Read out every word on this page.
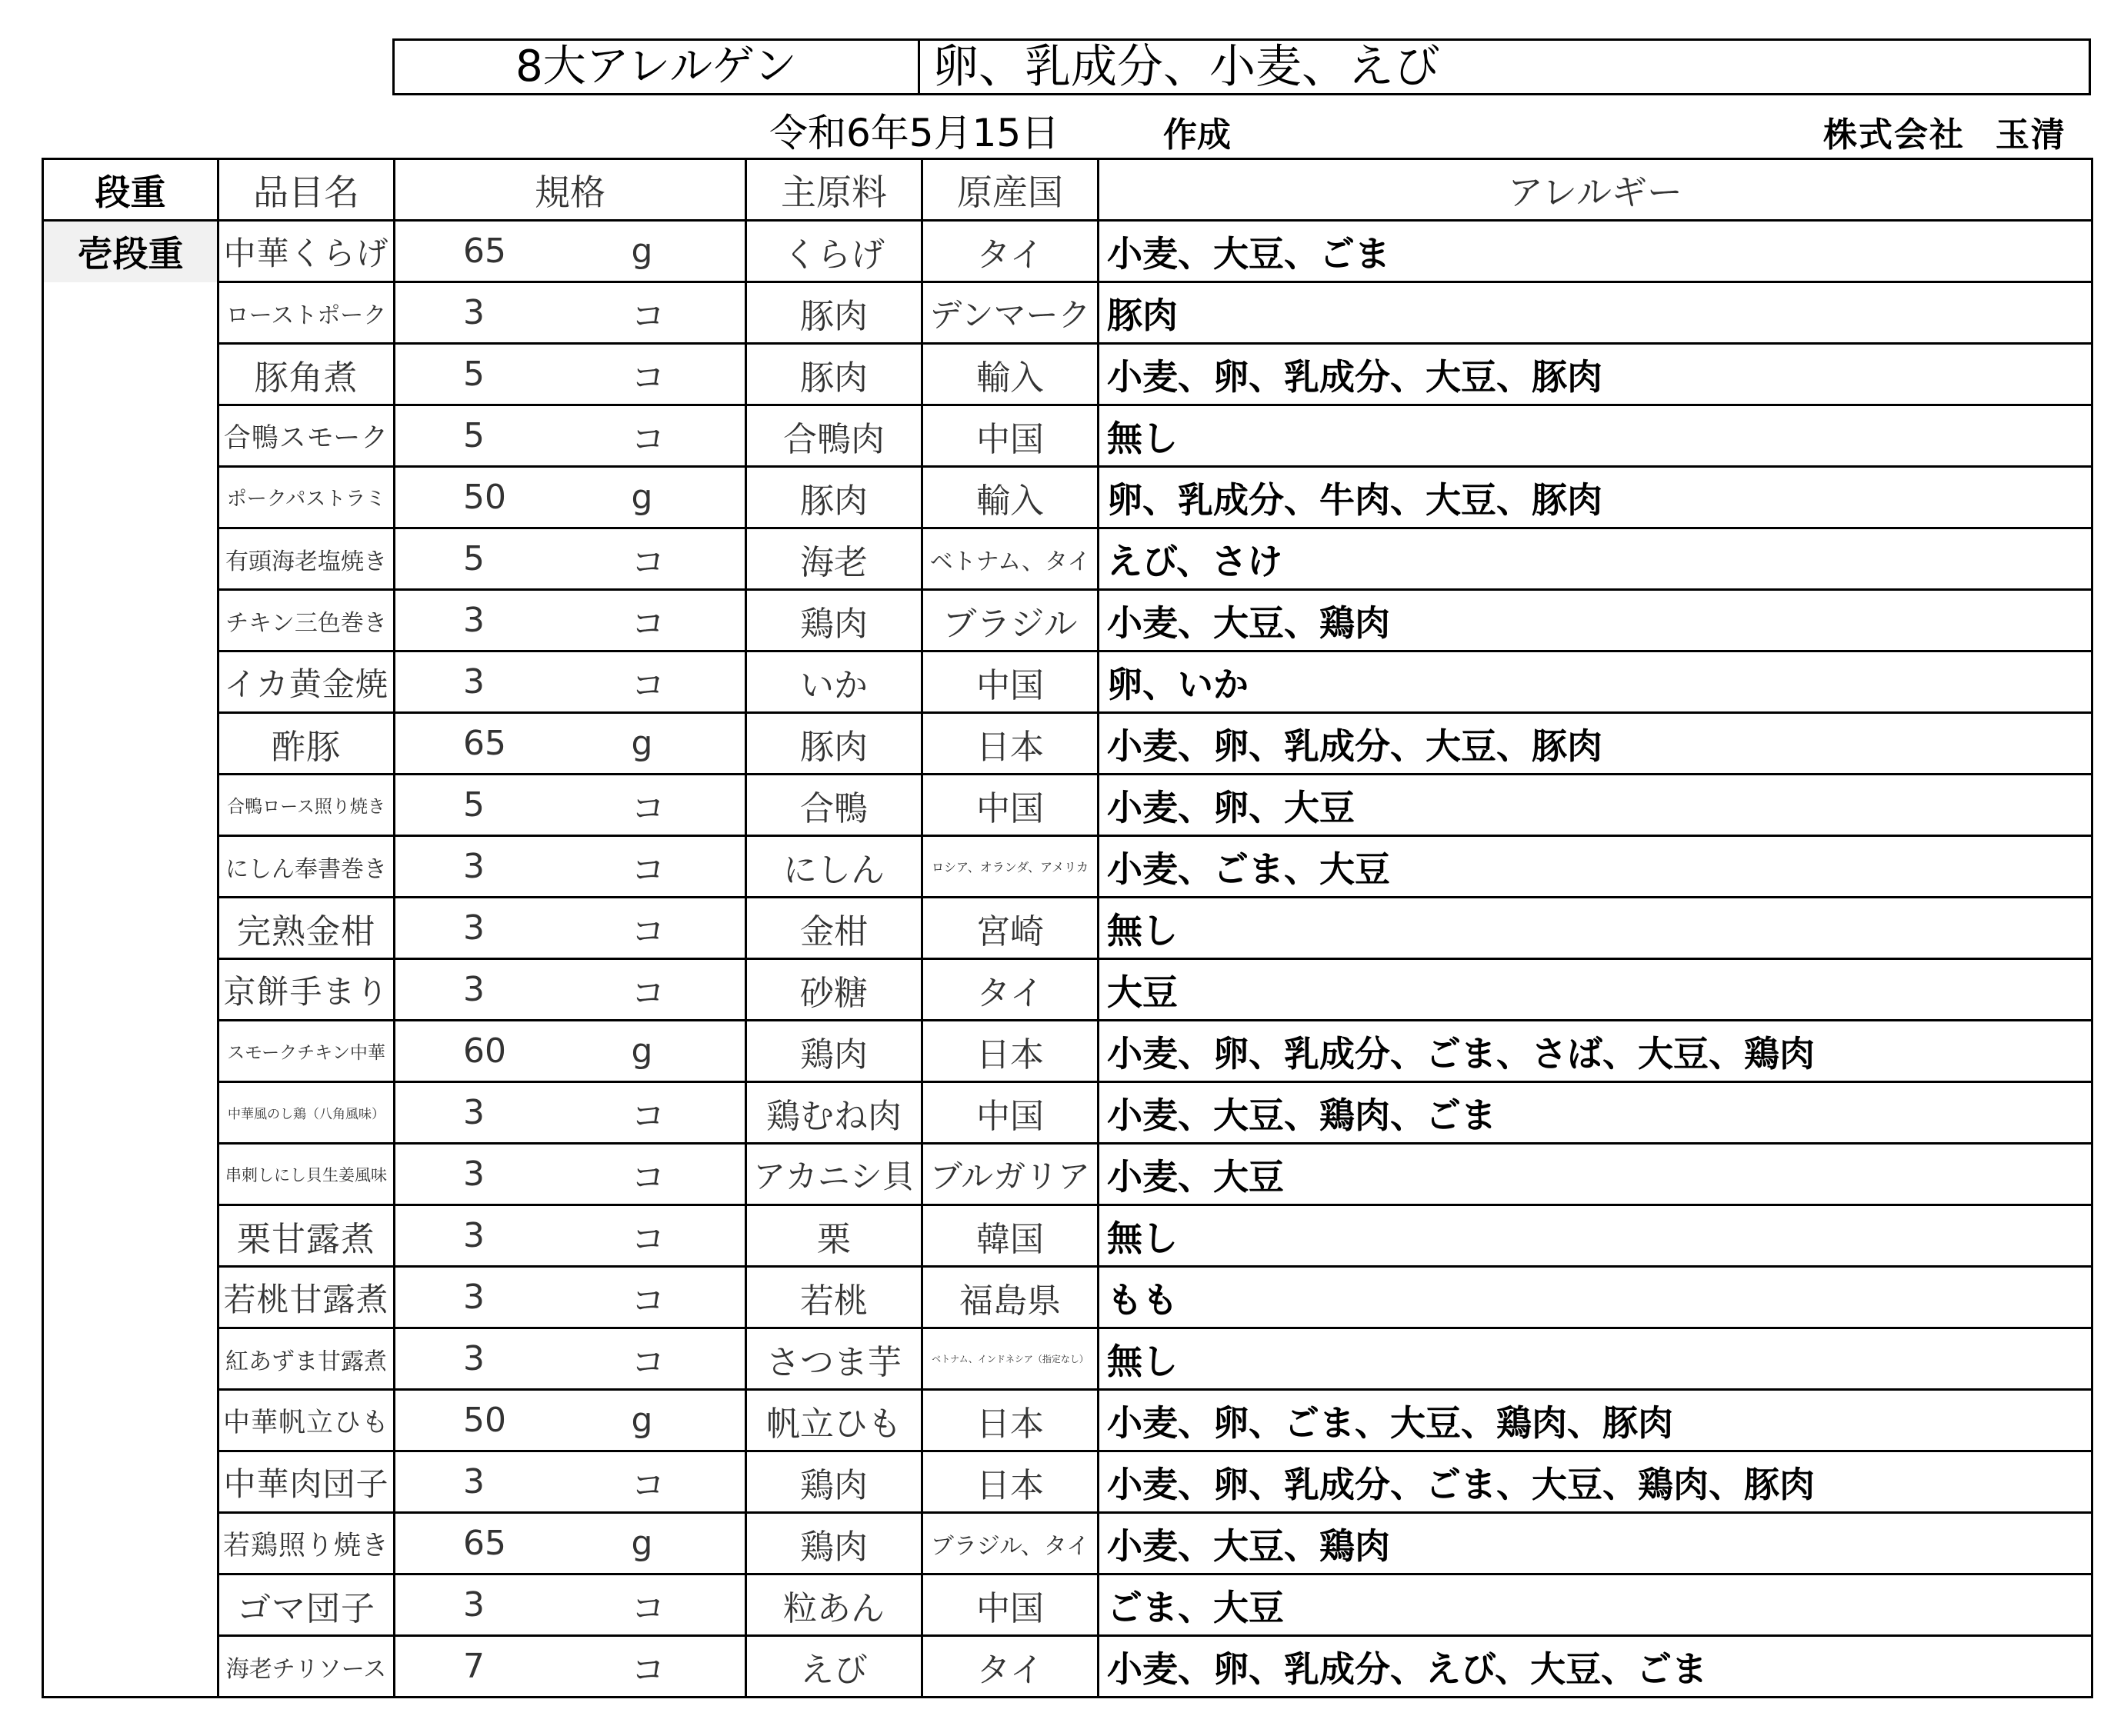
8大アレルゲン	卵、乳成分、小麦、えび
令和6年5月15日	作成	株式会社 玉清
段重	品目名	規格		主原料	原産国	アレルギー
壱段重	中華くらげ	65	g	くらげ	タイ	小麦、大豆、ごま
	ローストポーク	3	コ	豚肉	デンマーク	豚肉
	豚角煮	5	コ	豚肉	輸入	小麦、卵、乳成分、大豆、豚肉
	合鴨スモーク	5	コ	合鴨肉	中国	無し
	ポークパストラミ	50	g	豚肉	輸入	卵、乳成分、牛肉、大豆、豚肉
	有頭海老塩焼き	5	コ	海老	ベトナム、タイ	えび、さけ
	チキン三色巻き	3	コ	鶏肉	ブラジル	小麦、大豆、鶏肉
	イカ黄金焼	3	コ	いか	中国	卵、いか
	酢豚	65	g	豚肉	日本	小麦、卵、乳成分、大豆、豚肉
	合鴨ロース照り焼き	5	コ	合鴨	中国	小麦、卵、大豆
	にしん奉書巻き	3	コ	にしん	ロシア、オランダ、アメリカ	小麦、ごま、大豆
	完熟金柑	3	コ	金柑	宮崎	無し
	京餅手まり	3	コ	砂糖	タイ	大豆
	スモークチキン中華	60	g	鶏肉	日本	小麦、卵、乳成分、ごま、さば、大豆、鶏肉
	中華風のし鶏（八角風味）	3	コ	鶏むね肉	中国	小麦、大豆、鶏肉、ごま
	串刺しにし貝生姜風味	3	コ	アカニシ貝	ブルガリア	小麦、大豆
	栗甘露煮	3	コ	栗	韓国	無し
	若桃甘露煮	3	コ	若桃	福島県	もも
	紅あずま甘露煮	3	コ	さつま芋	ベトナム、インドネシア（指定なし）	無し
	中華帆立ひも	50	g	帆立ひも	日本	小麦、卵、ごま、大豆、鶏肉、豚肉
	中華肉団子	3	コ	鶏肉	日本	小麦、卵、乳成分、ごま、大豆、鶏肉、豚肉
	若鶏照り焼き	65	g	鶏肉	ブラジル、タイ	小麦、大豆、鶏肉
	ゴマ団子	3	コ	粒あん	中国	ごま、大豆
	海老チリソース	7	コ	えび	タイ	小麦、卵、乳成分、えび、大豆、ごま
